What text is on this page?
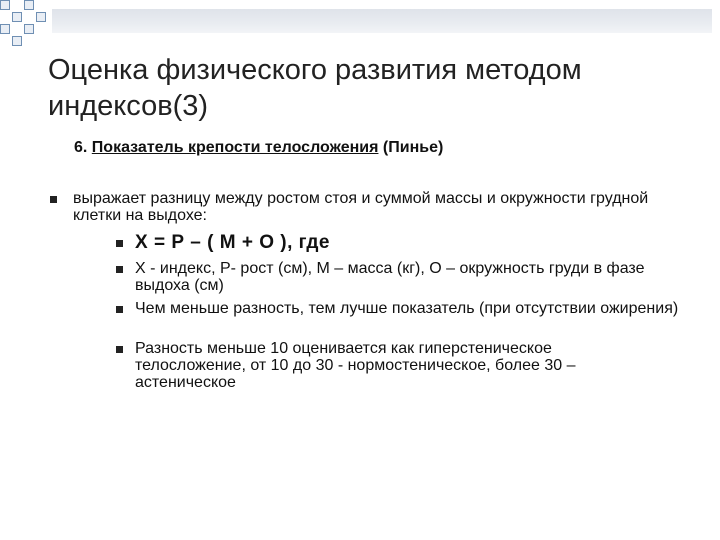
Оценка физического развития методом индексов(3)
6. Показатель крепости телосложения (Пинье)
выражает разницу между ростом стоя и суммой массы и окружности грудной клетки на выдохе:
Х = Р – ( М + О ), где
Х - индекс, Р- рост (см), М – масса (кг), О – окружность груди в фазе выдоха (см)
Чем меньше разность, тем лучше показатель (при отсутствии ожирения)
Разность меньше 10 оценивается как гиперстеническое телосложение, от 10 до 30 - нормостеническое, более 30 – астеническое
